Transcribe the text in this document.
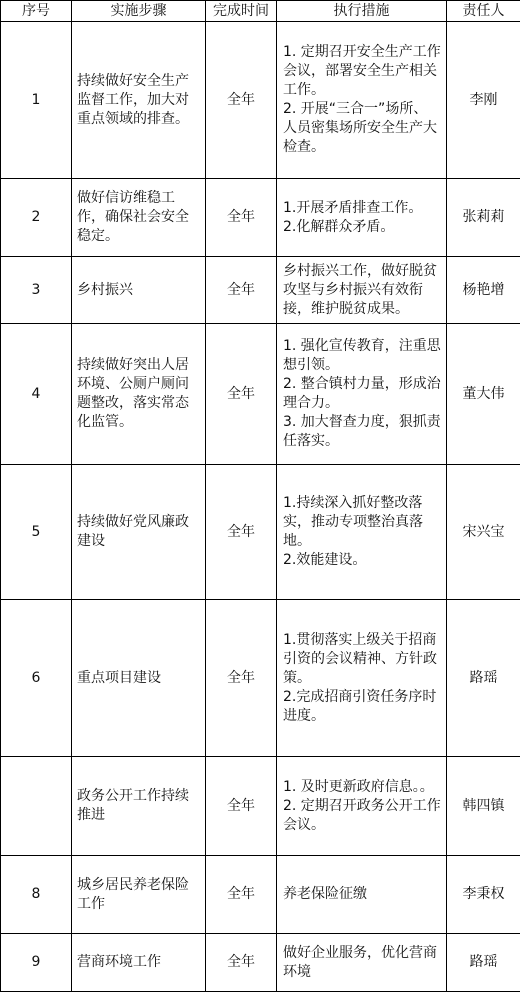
序号	实施步骤	完成时间	执行措施	责任人
1	持续做好安全生产监督工作，加大对重点领域的排查。	全年	1. 定期召开安全生产工作会议，部署安全生产相关工作。
2. 开展“三合一”场所、人员密集场所安全生产大检查。	李刚
2	做好信访维稳工作，确保社会安全稳定。	全年	1.开展矛盾排查工作。
2.化解群众矛盾。	张莉莉
3	乡村振兴	全年	乡村振兴工作，做好脱贫攻坚与乡村振兴有效衔接，维护脱贫成果。	杨艳增
4	持续做好突出人居环境、公厕户厕问题整改，落实常态化监管。	全年	1. 强化宣传教育，注重思想引领。
2. 整合镇村力量，形成治理合力。
3. 加大督查力度，狠抓责任落实。	董大伟
5	持续做好党风廉政建设	全年	1.持续深入抓好整改落实，推动专项整治真落地。
2.效能建设。	宋兴宝
6	重点项目建设	全年	1.贯彻落实上级关于招商引资的会议精神、方针政策。
2.完成招商引资任务序时进度。	路瑶

	政务公开工作持续推进	全年	1. 及时更新政府信息。。
2. 定期召开政务公开工作会议。	韩四镇
8	城乡居民养老保险工作	全年	养老保险征缴	李秉权
9	营商环境工作	全年	做好企业服务，优化营商环境	路瑶
